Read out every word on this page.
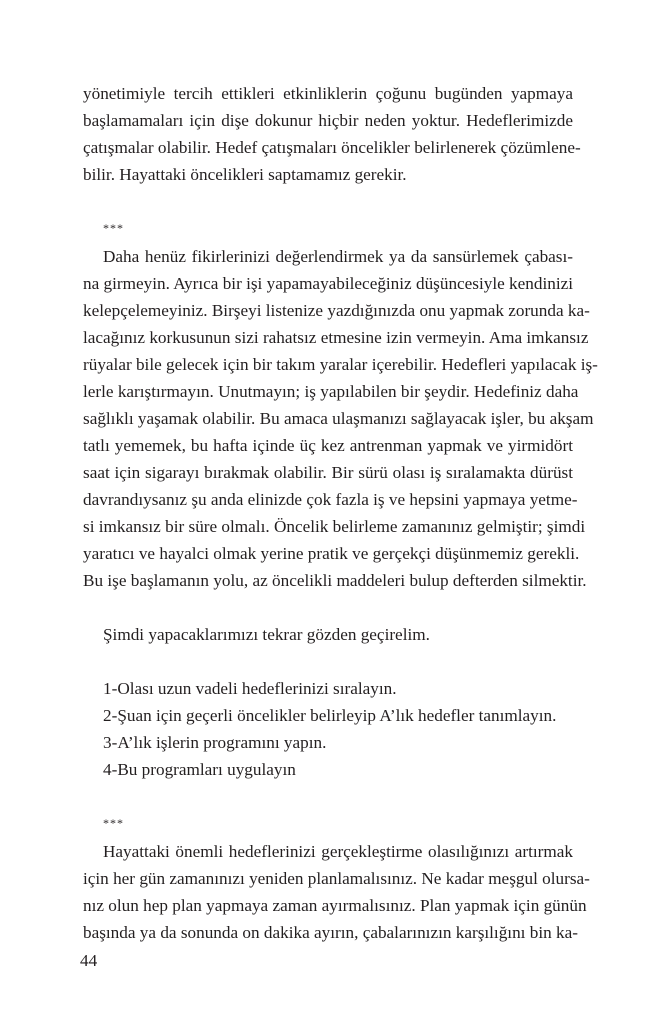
yönetimiyle tercih ettikleri etkinliklerin çoğunu bugünden yapmaya
başlamamaları için dişe dokunur hiçbir neden yoktur. Hedeflerimizde
çatışmalar olabilir. Hedef çatışmaları öncelikler belirlenerek çözümlene-
bilir. Hayattaki öncelikleri saptamamız gerekir.
***
Daha henüz fikirlerinizi değerlendirmek ya da sansürlemek çabası-
na girmeyin. Ayrıca bir işi yapamayabileceğiniz düşüncesiyle kendinizi
kelepçelemeyiniz. Birşeyi listenize yazdığınızda onu yapmak zorunda ka-
lacağınız korkusunun sizi rahatsız etmesine izin vermeyin. Ama imkansız
rüyalar bile gelecek için bir takım yaralar içerebilir. Hedefleri yapılacak iş-
lerle karıştırmayın. Unutmayın; iş yapılabilen bir şeydir. Hedefiniz daha
sağlıklı yaşamak olabilir. Bu amaca ulaşmanızı sağlayacak işler, bu akşam
tatlı yememek, bu hafta içinde üç kez antrenman yapmak ve yirmidört
saat için sigarayı bırakmak olabilir. Bir sürü olası iş sıralamakta dürüst
davrandıysanız şu anda elinizde çok fazla iş ve hepsini yapmaya yetme-
si imkansız bir süre olmalı. Öncelik belirleme zamanınız gelmiştir; şimdi
yaratıcı ve hayalci olmak yerine pratik ve gerçekçi düşünmemiz gerekli.
Bu işe başlamanın yolu, az öncelikli maddeleri bulup defterden silmektir.
Şimdi yapacaklarımızı tekrar gözden geçirelim.
1-Olası uzun vadeli hedeflerinizi sıralayın.
2-Şuan için geçerli öncelikler belirleyip A’lık hedefler tanımlayın.
3-A’lık işlerin programını yapın.
4-Bu programları uygulayın
***
Hayattaki önemli hedeflerinizi gerçekleştirme olasılığınızı artırmak
için her gün zamanınızı yeniden planlamalısınız. Ne kadar meşgul olursa-
nız olun hep plan yapmaya zaman ayırmalısınız. Plan yapmak için günün
başında ya da sonunda on dakika ayırın, çabalarınızın karşılığını bin ka-
44
